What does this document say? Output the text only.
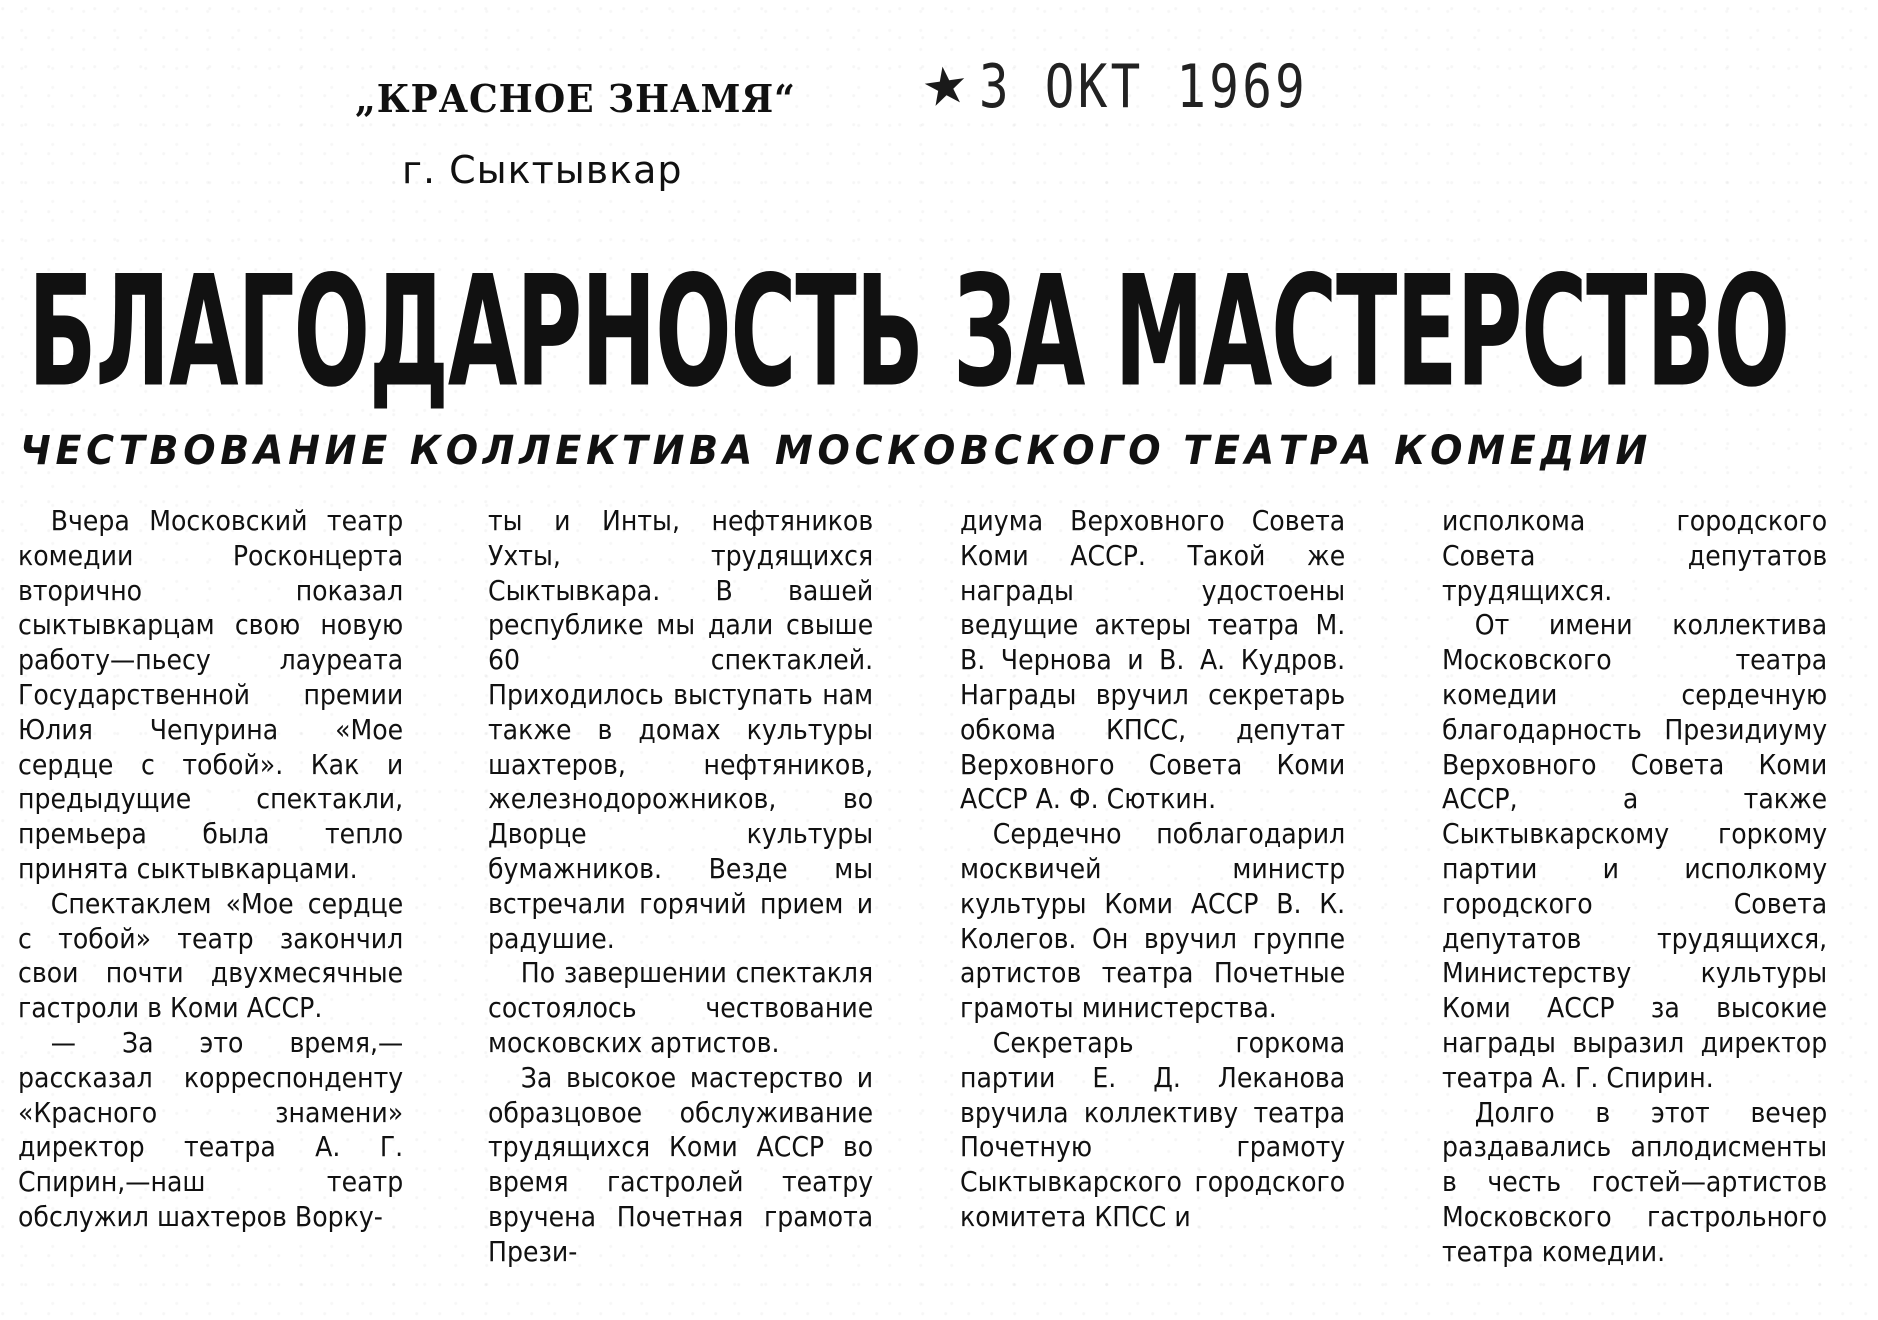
„КРАСНОЕ ЗНАМЯ“
г. Сыктывкар
★ 3 ОКТ 1969
БЛАГОДАРНОСТЬ ЗА МАСТЕРСТВО
ЧЕСТВОВАНИЕ КОЛЛЕКТИВА МОСКОВСКОГО ТЕАТРА КОМЕДИИ

Вчера Московский театр комедии Росконцерта вторично показал сыктывкарцам свою новую работу—пьесу лауреата Государственной премии Юлия Чепурина «Мое сердце с тобой». Как и предыдущие спектакли, премьера была тепло принята сыктывкарцами.

Спектаклем «Мое сердце с тобой» театр закончил свои почти двухмесячные гастроли в Коми АССР.

— За это время,— рассказал корреспонденту «Красного знамени» директор театра А. Г. Спирин,—наш театр обслужил шахтеров Ворку-

ты и Инты, нефтяников Ухты, трудящихся Сыктывкара. В вашей республике мы дали свыше 60 спектаклей. Приходилось выступать нам также в домах культуры шахтеров, нефтяников, железнодорожников, во Дворце культуры бумажников. Везде мы встречали горячий прием и радушие.

По завершении спектакля состоялось чествование московских артистов.

За высокое мастерство и образцовое обслуживание трудящихся Коми АССР во время гастролей театру вручена Почетная грамота Прези-

диума Верховного Совета Коми АССР. Такой же награды удостоены ведущие актеры театра М. В. Чернова и В. А. Кудров. Награды вручил секретарь обкома КПСС, депутат Верховного Совета Коми АССР А. Ф. Сюткин.

Сердечно поблагодарил москвичей министр культуры Коми АССР В. К. Колегов. Он вручил группе артистов театра Почетные грамоты министерства.

Секретарь горкома партии Е. Д. Леканова вручила коллективу театра Почетную грамоту Сыктывкарского городского комитета КПСС и

исполкома городского Совета депутатов трудящихся.

От имени коллектива Московского театра комедии сердечную благодарность Президиуму Верховного Совета Коми АССР, а также Сыктывкарскому горкому партии и исполкому городского Совета депутатов трудящихся, Министерству культуры Коми АССР за высокие награды выразил директор театра А. Г. Спирин.

Долго в этот вечер раздавались аплодисменты в честь гостей—артистов Московского гастрольного театра комедии.
